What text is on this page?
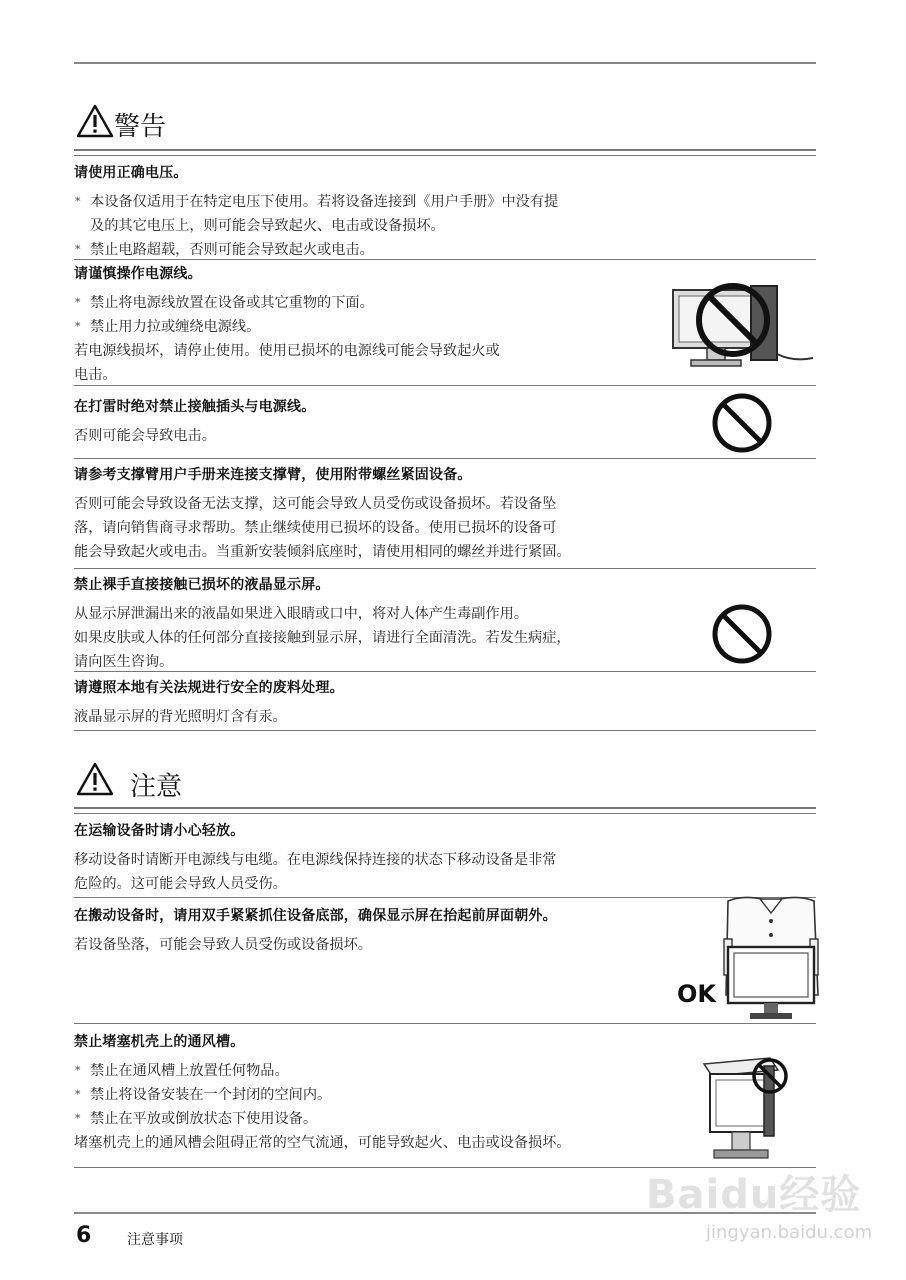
警告
请使用正确电压。
* 本设备仅适用于在特定电压下使用。若将设备连接到《用户手册》中没有提
及的其它电压上，则可能会导致起火、电击或设备损坏。
* 禁止电路超载，否则可能会导致起火或电击。
请谨慎操作电源线。
* 禁止将电源线放置在设备或其它重物的下面。
* 禁止用力拉或缠绕电源线。
若电源线损坏，请停止使用。使用已损坏的电源线可能会导致起火或
电击。
在打雷时绝对禁止接触插头与电源线。
否则可能会导致电击。
请参考支撑臂用户手册来连接支撑臂，使用附带螺丝紧固设备。
否则可能会导致设备无法支撑，这可能会导致人员受伤或设备损坏。若设备坠
落，请向销售商寻求帮助。禁止继续使用已损坏的设备。使用已损坏的设备可
能会导致起火或电击。当重新安装倾斜底座时，请使用相同的螺丝并进行紧固。
禁止裸手直接接触已损坏的液晶显示屏。
从显示屏泄漏出来的液晶如果进入眼睛或口中，将对人体产生毒副作用。
如果皮肤或人体的任何部分直接接触到显示屏，请进行全面清洗。若发生病症，
请向医生咨询。
请遵照本地有关法规进行安全的废料处理。
液晶显示屏的背光照明灯含有汞。
注意
在运输设备时请小心轻放。
移动设备时请断开电源线与电缆。在电源线保持连接的状态下移动设备是非常
危险的。这可能会导致人员受伤。
在搬动设备时，请用双手紧紧抓住设备底部，确保显示屏在抬起前屏面朝外。
若设备坠落，可能会导致人员受伤或设备损坏。
OK
禁止堵塞机壳上的通风槽。
* 禁止在通风槽上放置任何物品。
* 禁止将设备安装在一个封闭的空间内。
* 禁止在平放或倒放状态下使用设备。
堵塞机壳上的通风槽会阻碍正常的空气流通，可能导致起火、电击或设备损坏。
Baidu经验
jingyan.baidu.com
6	注意事项
